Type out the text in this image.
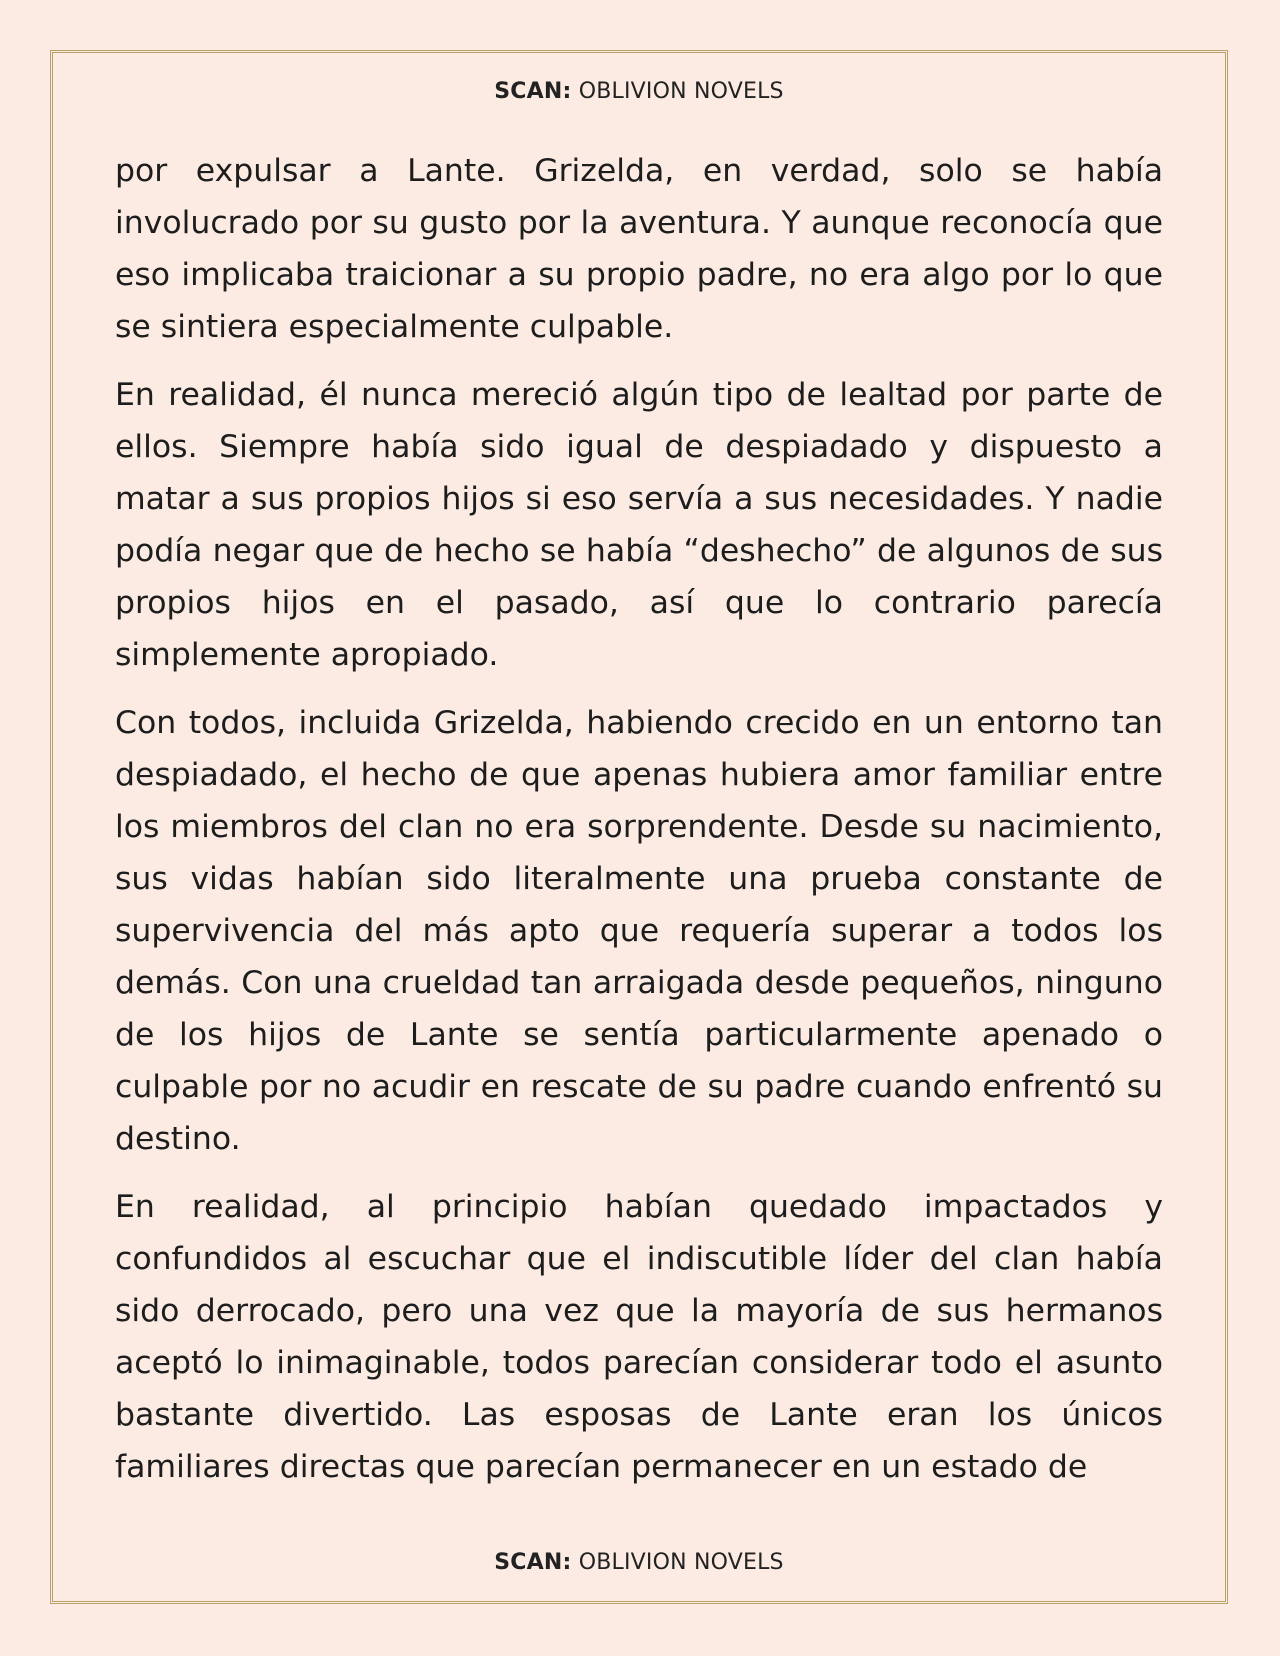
SCAN: OBLIVION NOVELS

por expulsar a Lante. Grizelda, en verdad, solo se había involucrado por su gusto por la aventura. Y aunque reconocía que eso implicaba traicionar a su propio padre, no era algo por lo que se sintiera especialmente culpable.

En realidad, él nunca mereció algún tipo de lealtad por parte de ellos. Siempre había sido igual de despiadado y dispuesto a matar a sus propios hijos si eso servía a sus necesidades. Y nadie podía negar que de hecho se había “deshecho” de algunos de sus propios hijos en el pasado, así que lo contrario parecía simplemente apropiado.

Con todos, incluida Grizelda, habiendo crecido en un entorno tan despiadado, el hecho de que apenas hubiera amor familiar entre los miembros del clan no era sorprendente. Desde su nacimiento, sus vidas habían sido literalmente una prueba constante de supervivencia del más apto que requería superar a todos los demás. Con una crueldad tan arraigada desde pequeños, ninguno de los hijos de Lante se sentía particularmente apenado o culpable por no acudir en rescate de su padre cuando enfrentó su destino.

En realidad, al principio habían quedado impactados y confundidos al escuchar que el indiscutible líder del clan había sido derrocado, pero una vez que la mayoría de sus hermanos aceptó lo inimaginable, todos parecían considerar todo el asunto bastante divertido. Las esposas de Lante eran los únicos familiares directas que parecían permanecer en un estado de

SCAN: OBLIVION NOVELS
